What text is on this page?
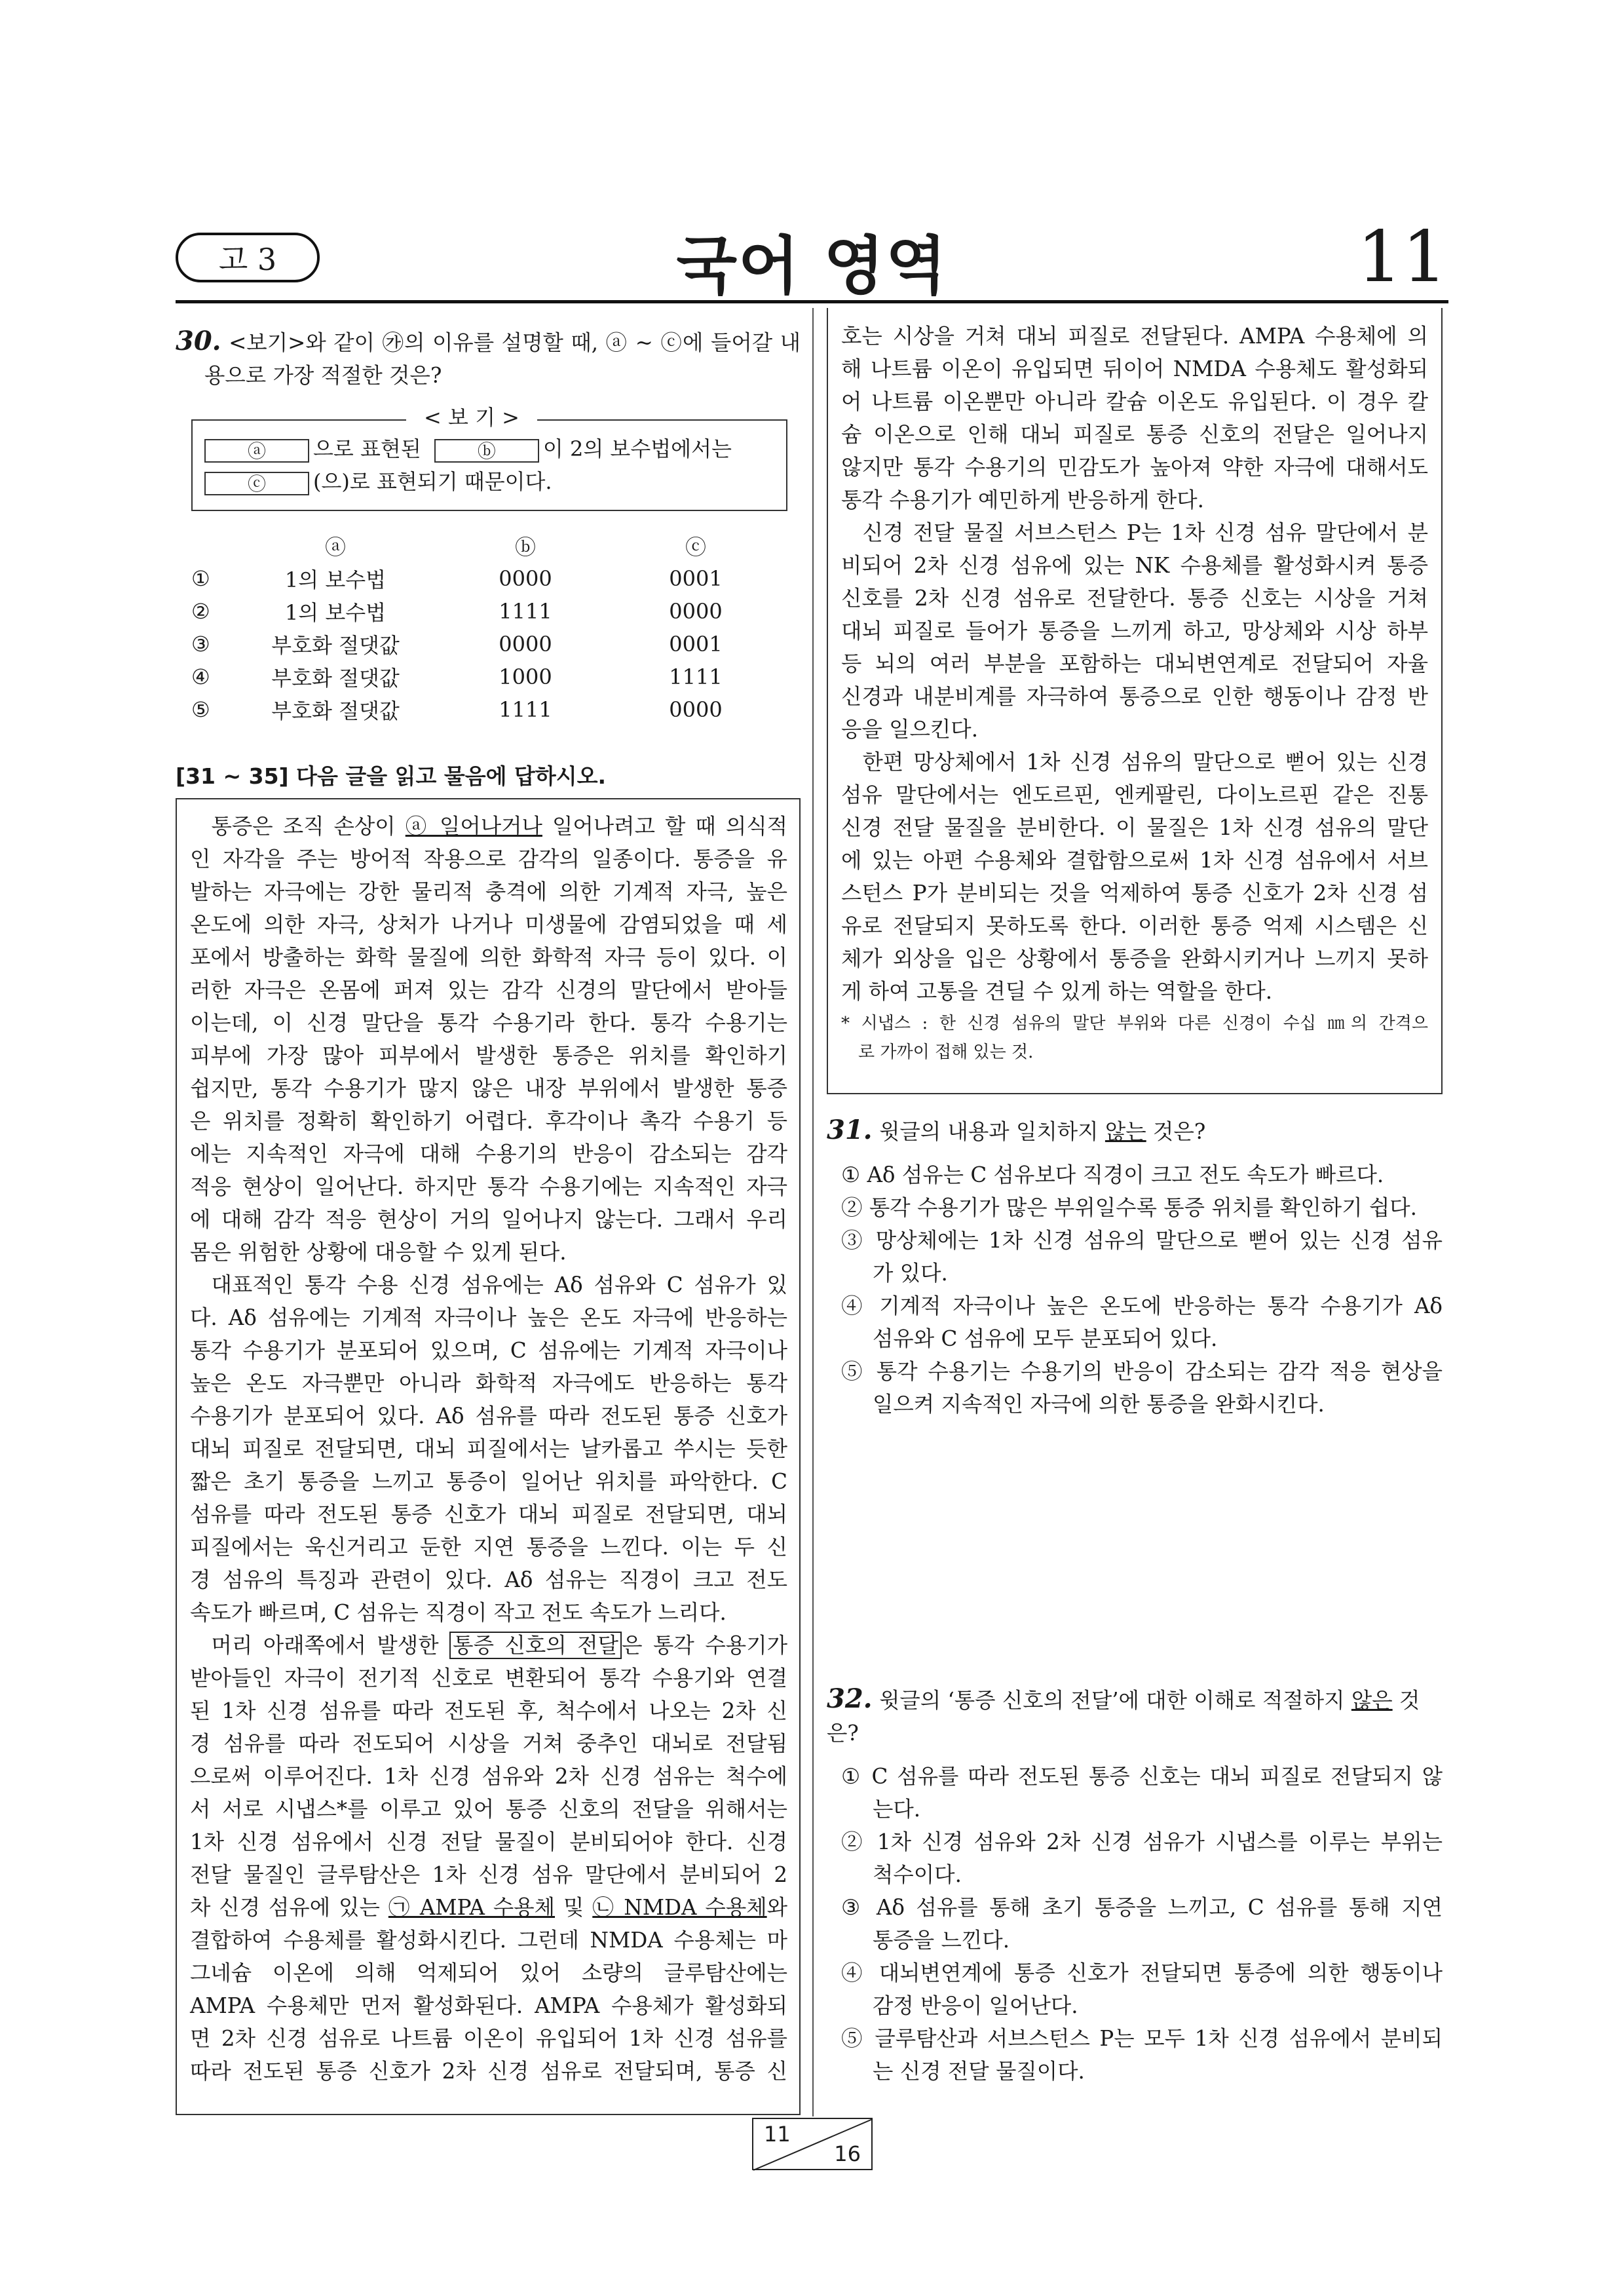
고 3	국어 영역	11

30. <보기>와 같이 ㉮의 이유를 설명할 때, ⓐ ~ ⓒ에 들어갈 내

용으로 가장 적절한 것은?

< 보 기 >

ⓐ 으로 표현된	ⓑ 이 2의 보수법에서는

ⓒ (으)로 표현되기 때문이다.

	ⓐ	ⓑ	ⓒ
①	1의 보수법	0000	0001
②	1의 보수법	1111	0000
③	부호화 절댓값	0000	0001
④	부호화 절댓값	1000	1111
⑤	부호화 절댓값	1111	0000
[31 ~ 35] 다음 글을 읽고 물음에 답하시오.

통증은 조직 손상이 ⓐ 일어나거나 일어나려고 할 때 의식적

인 자각을 주는 방어적 작용으로 감각의 일종이다. 통증을 유

발하는 자극에는 강한 물리적 충격에 의한 기계적 자극, 높은

온도에 의한 자극, 상처가 나거나 미생물에 감염되었을 때 세

포에서 방출하는 화학 물질에 의한 화학적 자극 등이 있다. 이

러한 자극은 온몸에 퍼져 있는 감각 신경의 말단에서 받아들

이는데, 이 신경 말단을 통각 수용기라 한다. 통각 수용기는

피부에 가장 많아 피부에서 발생한 통증은 위치를 확인하기

쉽지만, 통각 수용기가 많지 않은 내장 부위에서 발생한 통증

은 위치를 정확히 확인하기 어렵다. 후각이나 촉각 수용기 등

에는 지속적인 자극에 대해 수용기의 반응이 감소되는 감각

적응 현상이 일어난다. 하지만 통각 수용기에는 지속적인 자극

에 대해 감각 적응 현상이 거의 일어나지 않는다. 그래서 우리

몸은 위험한 상황에 대응할 수 있게 된다.

대표적인 통각 수용 신경 섬유에는 Aδ 섬유와 C 섬유가 있

다. Aδ 섬유에는 기계적 자극이나 높은 온도 자극에 반응하는

통각 수용기가 분포되어 있으며, C 섬유에는 기계적 자극이나

높은 온도 자극뿐만 아니라 화학적 자극에도 반응하는 통각

수용기가 분포되어 있다. Aδ 섬유를 따라 전도된 통증 신호가

대뇌 피질로 전달되면, 대뇌 피질에서는 날카롭고 쑤시는 듯한

짧은 초기 통증을 느끼고 통증이 일어난 위치를 파악한다. C

섬유를 따라 전도된 통증 신호가 대뇌 피질로 전달되면, 대뇌

피질에서는 욱신거리고 둔한 지연 통증을 느낀다. 이는 두 신

경 섬유의 특징과 관련이 있다. Aδ 섬유는 직경이 크고 전도

속도가 빠르며, C 섬유는 직경이 작고 전도 속도가 느리다.

머리 아래쪽에서 발생한 통증 신호의 전달 은 통각 수용기가

받아들인 자극이 전기적 신호로 변환되어 통각 수용기와 연결

된 1차 신경 섬유를 따라 전도된 후, 척수에서 나오는 2차 신

경 섬유를 따라 전도되어 시상을 거쳐 중추인 대뇌로 전달됨

으로써 이루어진다. 1차 신경 섬유와 2차 신경 섬유는 척수에

서 서로 시냅스*를 이루고 있어 통증 신호의 전달을 위해서는

1차 신경 섬유에서 신경 전달 물질이 분비되어야 한다. 신경

전달 물질인 글루탐산은 1차 신경 섬유 말단에서 분비되어 2

차 신경 섬유에 있는 ㉠ AMPA 수용체 및 ㉡ NMDA 수용체와

결합하여 수용체를 활성화시킨다. 그런데 NMDA 수용체는 마

그네슘 이온에 의해 억제되어 있어 소량의 글루탐산에는

AMPA 수용체만 먼저 활성화된다. AMPA 수용체가 활성화되

면 2차 신경 섬유로 나트륨 이온이 유입되어 1차 신경 섬유를

따라 전도된 통증 신호가 2차 신경 섬유로 전달되며, 통증 신

호는 시상을 거쳐 대뇌 피질로 전달된다. AMPA 수용체에 의

해 나트륨 이온이 유입되면 뒤이어 NMDA 수용체도 활성화되

어 나트륨 이온뿐만 아니라 칼슘 이온도 유입된다. 이 경우 칼

슘 이온으로 인해 대뇌 피질로 통증 신호의 전달은 일어나지

않지만 통각 수용기의 민감도가 높아져 약한 자극에 대해서도

통각 수용기가 예민하게 반응하게 한다.

신경 전달 물질 서브스턴스 P는 1차 신경 섬유 말단에서 분

비되어 2차 신경 섬유에 있는 NK 수용체를 활성화시켜 통증

신호를 2차 신경 섬유로 전달한다. 통증 신호는 시상을 거쳐

대뇌 피질로 들어가 통증을 느끼게 하고, 망상체와 시상 하부

등 뇌의 여러 부분을 포함하는 대뇌변연계로 전달되어 자율

신경과 내분비계를 자극하여 통증으로 인한 행동이나 감정 반

응을 일으킨다.

한편 망상체에서 1차 신경 섬유의 말단으로 뻗어 있는 신경

섬유 말단에서는 엔도르핀, 엔케팔린, 다이노르핀 같은 진통

신경 전달 물질을 분비한다. 이 물질은 1차 신경 섬유의 말단

에 있는 아편 수용체와 결합함으로써 1차 신경 섬유에서 서브

스턴스 P가 분비되는 것을 억제하여 통증 신호가 2차 신경 섬

유로 전달되지 못하도록 한다. 이러한 통증 억제 시스템은 신

체가 외상을 입은 상황에서 통증을 완화시키거나 느끼지 못하

게 하여 고통을 견딜 수 있게 하는 역할을 한다.

* 시냅스 : 한 신경 섬유의 말단 부위와 다른 신경이 수십 ㎚의 간격으

로 가까이 접해 있는 것.

31. 윗글의 내용과 일치하지 않는 것은?

① Aδ 섬유는 C 섬유보다 직경이 크고 전도 속도가 빠르다.

② 통각 수용기가 많은 부위일수록 통증 위치를 확인하기 쉽다.

③ 망상체에는 1차 신경 섬유의 말단으로 뻗어 있는 신경 섬유

가 있다.

④ 기계적 자극이나 높은 온도에 반응하는 통각 수용기가 Aδ

섬유와 C 섬유에 모두 분포되어 있다.

⑤ 통각 수용기는 수용기의 반응이 감소되는 감각 적응 현상을

일으켜 지속적인 자극에 의한 통증을 완화시킨다.

32. 윗글의 ‘통증 신호의 전달’에 대한 이해로 적절하지 않은 것은?

① C 섬유를 따라 전도된 통증 신호는 대뇌 피질로 전달되지 않

는다.

② 1차 신경 섬유와 2차 신경 섬유가 시냅스를 이루는 부위는

척수이다.

③ Aδ 섬유를 통해 초기 통증을 느끼고, C 섬유를 통해 지연

통증을 느낀다.

④ 대뇌변연계에 통증 신호가 전달되면 통증에 의한 행동이나

감정 반응이 일어난다.

⑤ 글루탐산과 서브스턴스 P는 모두 1차 신경 섬유에서 분비되

는 신경 전달 물질이다.

11
16
